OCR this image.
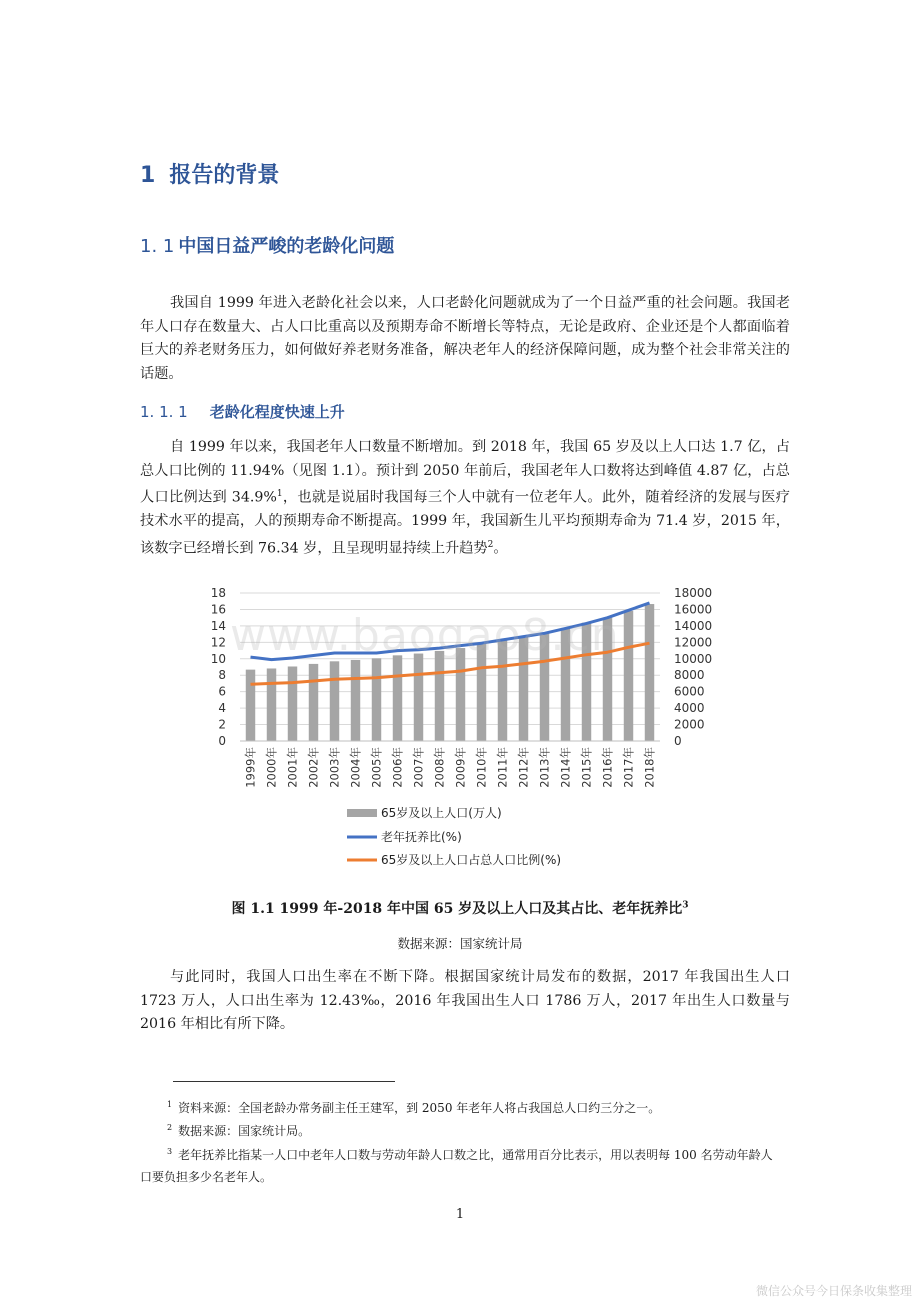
1 报告的背景
1. 1 中国日益严峻的老龄化问题
我国自 1999 年进入老龄化社会以来，人口老龄化问题就成为了一个日益严重的社会问题。我国老年人口存在数量大、占人口比重高以及预期寿命不断增长等特点，无论是政府、企业还是个人都面临着巨大的养老财务压力，如何做好养老财务准备，解决老年人的经济保障问题，成为整个社会非常关注的话题。
1. 1. 1 老龄化程度快速上升
自 1999 年以来，我国老年人口数量不断增加。到 2018 年，我国 65 岁及以上人口达 1.7 亿，占总人口比例的 11.94%（见图 1.1）。预计到 2050 年前后，我国老年人口数将达到峰值 4.87 亿，占总人口比例达到 34.9%$^1$，也就是说届时我国每三个人中就有一位老年人。此外，随着经济的发展与医疗技术水平的提高，人的预期寿命不断提高。1999 年，我国新生儿平均预期寿命为 71.4 岁，2015 年，该数字已经增长到 76.34 岁，且呈现明显持续上升趋势$^2$。
0
2
4
6
8
10
12
14
16
18
0
2000
4000
6000
8000
10000
12000
14000
16000
18000
1999年 2000年 2001年 2002年 2003年 2004年 2005年 2006年 2007年 2008年 2009年 2010年 2011年 2012年 2013年 2014年 2015年 2016年 2017年 2018年
65岁及以上人口(万人)
老年抚养比(%)
65岁及以上人口占总人口比例(%)
www.baogao8.cn
图 1.1 1999 年-2018 年中国 65 岁及以上人口及其占比、老年抚养比$^3$
数据来源：国家统计局
与此同时，我国人口出生率在不断下降。根据国家统计局发布的数据，2017 年我国出生人口 1723 万人，人口出生率为 12.43‰，2016 年我国出生人口 1786 万人，2017 年出生人口数量与 2016 年相比有所下降。
$^1$ 资料来源：全国老龄办常务副主任王建军，到 2050 年老年人将占我国总人口约三分之一。
$^2$ 数据来源：国家统计局。
$^3$ 老年抚养比指某一人口中老年人口数与劳动年龄人口数之比，通常用百分比表示，用以表明每 100 名劳动年龄人口要负担多少名老年人。
1
微信公众号今日保条收集整理
